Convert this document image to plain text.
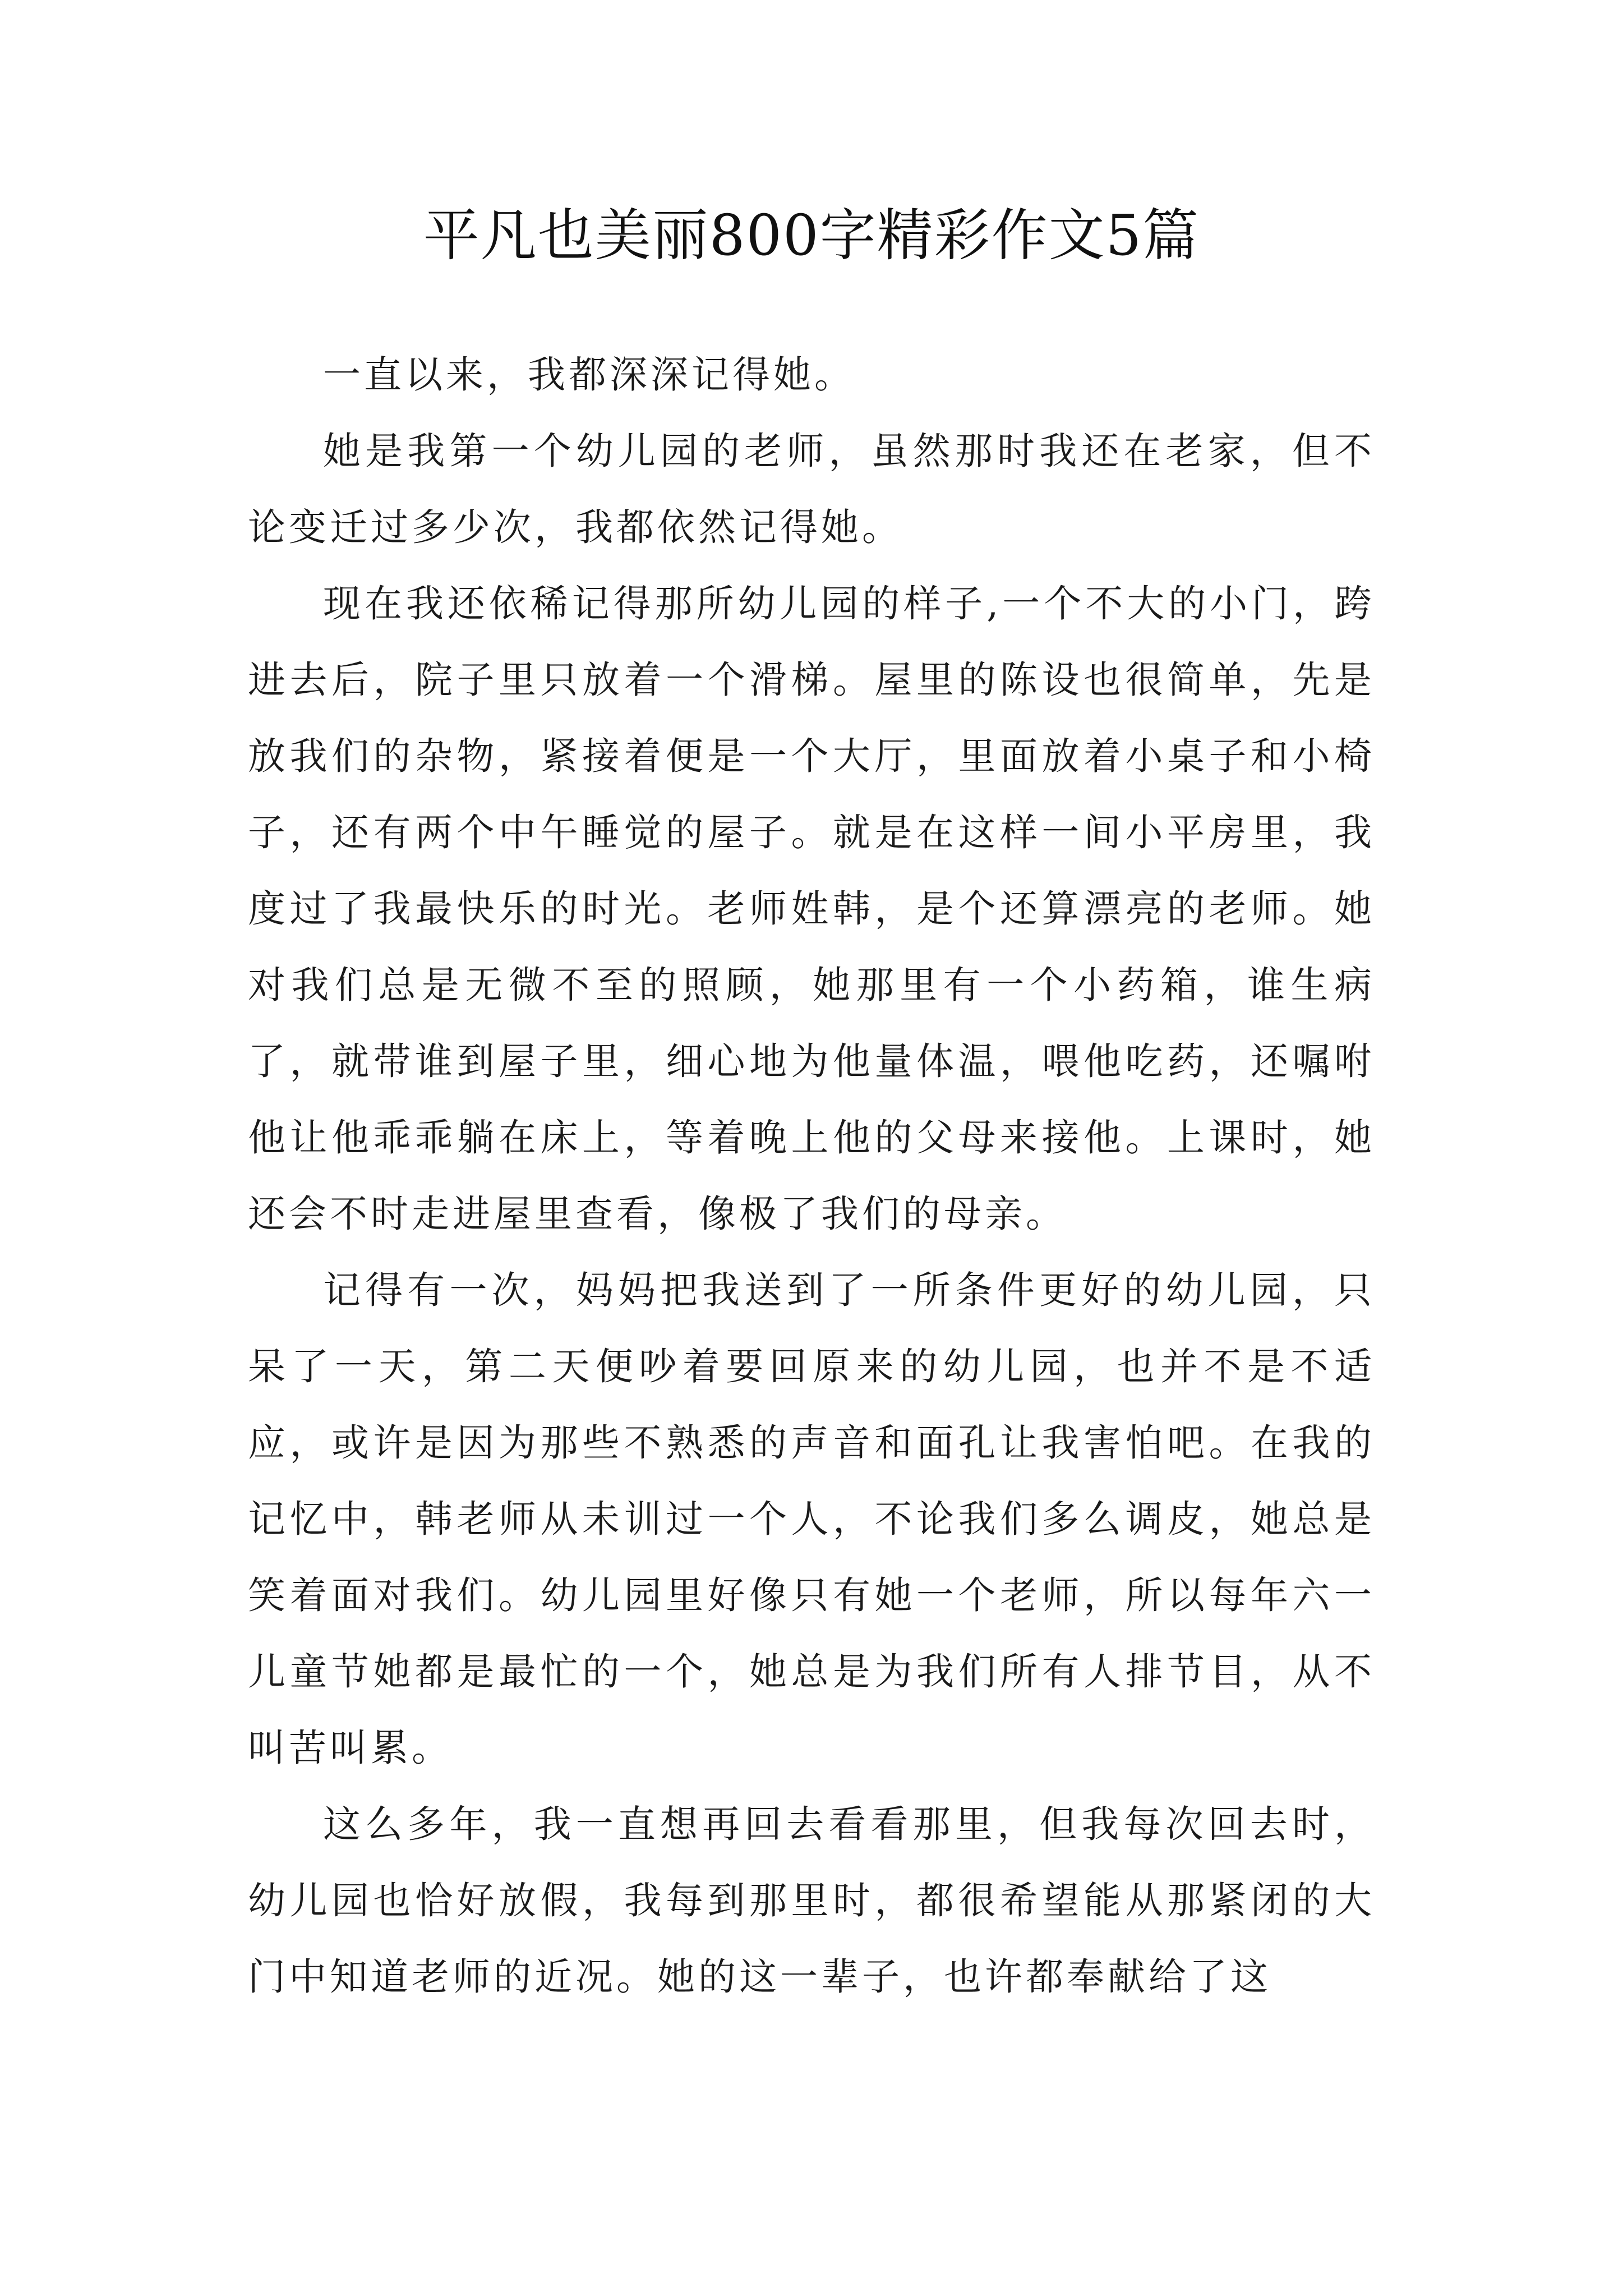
平凡也美丽800字精彩作文5篇

一直以来，我都深深记得她。

她是我第一个幼儿园的老师，虽然那时我还在老家，但不论变迁过多少次，我都依然记得她。

现在我还依稀记得那所幼儿园的样子,一个不大的小门，跨进去后，院子里只放着一个滑梯。屋里的陈设也很简单，先是放我们的杂物，紧接着便是一个大厅，里面放着小桌子和小椅子，还有两个中午睡觉的屋子。就是在这样一间小平房里，我度过了我最快乐的时光。老师姓韩，是个还算漂亮的老师。她对我们总是无微不至的照顾，她那里有一个小药箱，谁生病了，就带谁到屋子里，细心地为他量体温，喂他吃药，还嘱咐他让他乖乖躺在床上，等着晚上他的父母来接他。上课时，她还会不时走进屋里查看，像极了我们的母亲。

记得有一次，妈妈把我送到了一所条件更好的幼儿园，只呆了一天，第二天便吵着要回原来的幼儿园，也并不是不适应，或许是因为那些不熟悉的声音和面孔让我害怕吧。在我的记忆中，韩老师从未训过一个人，不论我们多么调皮，她总是笑着面对我们。幼儿园里好像只有她一个老师，所以每年六一儿童节她都是最忙的一个，她总是为我们所有人排节目，从不叫苦叫累。

这么多年，我一直想再回去看看那里，但我每次回去时，幼儿园也恰好放假，我每到那里时，都很希望能从那紧闭的大门中知道老师的近况。她的这一辈子，也许都奉献给了这
